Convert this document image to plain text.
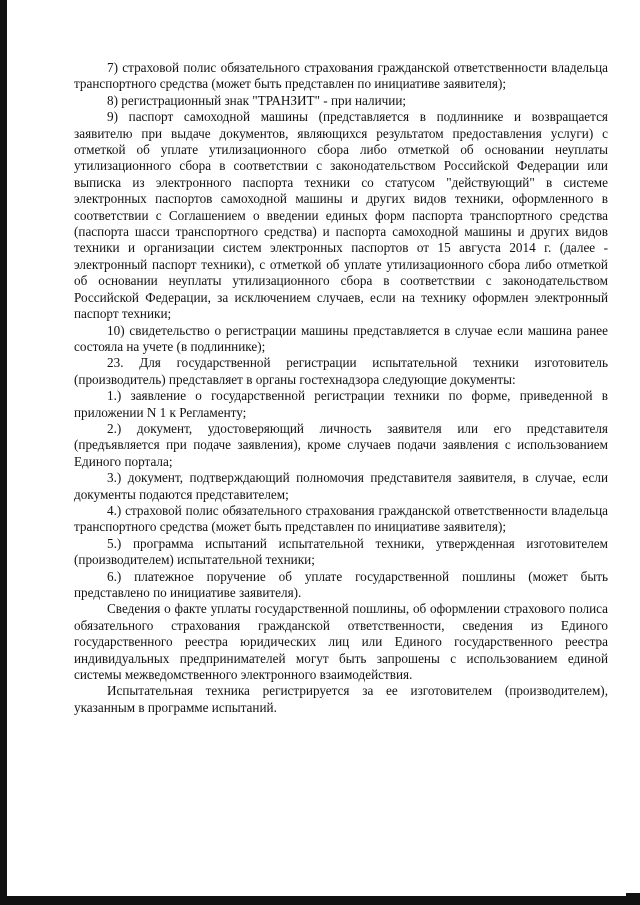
7) страховой полис обязательного страхования гражданской ответственности владельца транспортного средства (может быть представлен по инициативе заявителя);

8) регистрационный знак "ТРАНЗИТ" - при наличии;

9) паспорт самоходной машины (представляется в подлиннике и возвращается заявителю при выдаче документов, являющихся результатом предоставления услуги) с отметкой об уплате утилизационного сбора либо отметкой об основании неуплаты утилизационного сбора в соответствии с законодательством Российской Федерации или выписка из электронного паспорта техники со статусом "действующий" в системе электронных паспортов самоходной машины и других видов техники, оформленного в соответствии с Соглашением о введении единых форм паспорта транспортного средства (паспорта шасси транспортного средства) и паспорта самоходной машины и других видов техники и организации систем электронных паспортов от 15 августа 2014 г. (далее - электронный паспорт техники), с отметкой об уплате утилизационного сбора либо отметкой об основании неуплаты утилизационного сбора в соответствии с законодательством Российской Федерации, за исключением случаев, если на технику оформлен электронный паспорт техники;

10) свидетельство о регистрации машины представляется в случае если машина ранее состояла на учете (в подлиннике);

23. Для государственной регистрации испытательной техники изготовитель (производитель) представляет в органы гостехнадзора следующие документы:

1.) заявление о государственной регистрации техники по форме, приведенной в приложении N 1 к Регламенту;

2.) документ, удостоверяющий личность заявителя или его представителя (предъявляется при подаче заявления), кроме случаев подачи заявления с использованием Единого портала;

3.) документ, подтверждающий полномочия представителя заявителя, в случае, если документы подаются представителем;

4.) страховой полис обязательного страхования гражданской ответственности владельца транспортного средства (может быть представлен по инициативе заявителя);

5.) программа испытаний испытательной техники, утвержденная изготовителем (производителем) испытательной техники;

6.) платежное поручение об уплате государственной пошлины (может быть представлено по инициативе заявителя).

Сведения о факте уплаты государственной пошлины, об оформлении страхового полиса обязательного страхования гражданской ответственности, сведения из Единого государственного реестра юридических лиц или Единого государственного реестра индивидуальных предпринимателей могут быть запрошены с использованием единой системы межведомственного электронного взаимодействия.

Испытательная техника регистрируется за ее изготовителем (производителем), указанным в программе испытаний.
